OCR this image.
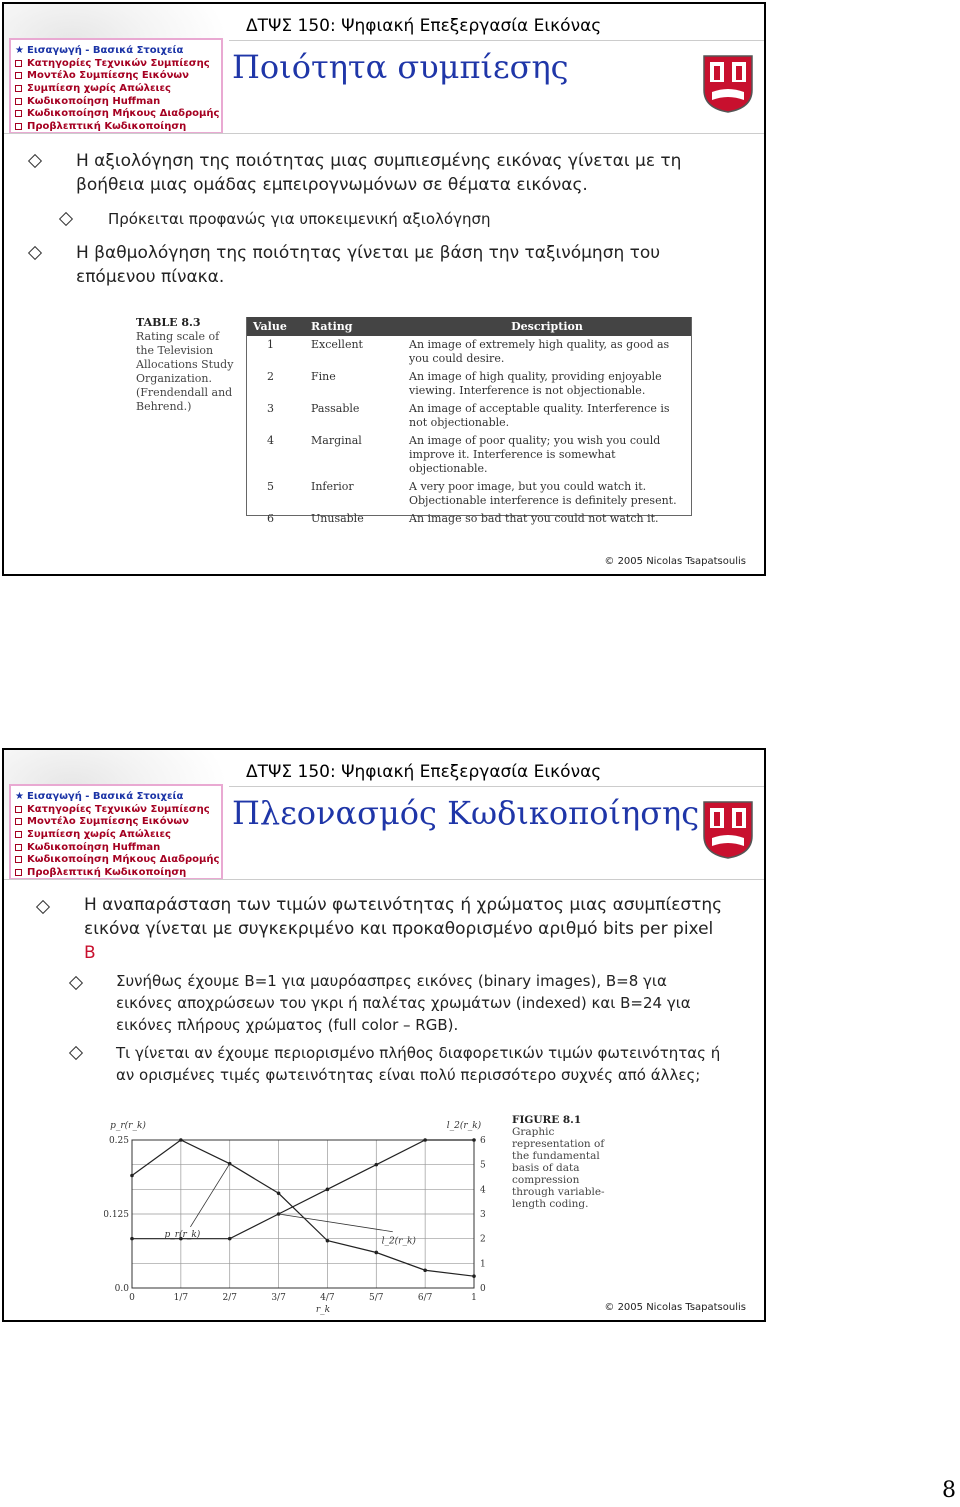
ΔΤΨΣ 150: Ψηφιακή Επεξεργασία Εικόνας
★ Εισαγωγή - Βασικά Στοιχεία
Κατηγορίες Τεχνικών Συμπίεσης
Μοντέλο Συμπίεσης Εικόνων
Συμπίεση χωρίς Απώλειες
Κωδικοποίηση Huffman
Κωδικοποίηση Μήκους Διαδρομής
Προβλεπτική Κωδικοποίηση
Ποιότητα συμπίεσης
Η αξιολόγηση της ποιότητας μιας συμπιεσμένης εικόνας γίνεται με τη βοήθεια μιας ομάδας εμπειρογνωμόνων σε θέματα εικόνας.
Πρόκειται προφανώς για υποκειμενική αξιολόγηση
Η βαθμολόγηση της ποιότητας γίνεται με βάση την ταξινόμηση του επόμενου πίνακα.
TABLE 8.3
Rating scale of the Television Allocations Study Organization. (Frendendall and Behrend.)
Value	Rating	Description
1	Excellent	An image of extremely high quality, as good as you could desire.
2	Fine	An image of high quality, providing enjoyable viewing. Interference is not objectionable.
3	Passable	An image of acceptable quality. Interference is not objectionable.
4	Marginal	An image of poor quality; you wish you could improve it. Interference is somewhat objectionable.
5	Inferior	A very poor image, but you could watch it. Objectionable interference is definitely present.
6	Unusable	An image so bad that you could not watch it.
© 2005 Nicolas Tsapatsoulis
ΔΤΨΣ 150: Ψηφιακή Επεξεργασία Εικόνας
★ Εισαγωγή - Βασικά Στοιχεία
Κατηγορίες Τεχνικών Συμπίεσης
Μοντέλο Συμπίεσης Εικόνων
Συμπίεση χωρίς Απώλειες
Κωδικοποίηση Huffman
Κωδικοποίηση Μήκους Διαδρομής
Προβλεπτική Κωδικοποίηση
Πλεονασμός Κωδικοποίησης
Η αναπαράσταση των τιμών φωτεινότητας ή χρώματος μιας ασυμπίεστης εικόνα γίνεται με συγκεκριμένο και προκαθορισμένο αριθμό bits per pixel B
Συνήθως έχουμε B=1 για μαυρόασπρες εικόνες (binary images), B=8 για εικόνες αποχρώσεων του γκρι ή παλέτας χρωμάτων (indexed) και B=24 για εικόνες πλήρους χρώματος (full color – RGB).
Τι γίνεται αν έχουμε περιορισμένο πλήθος διαφορετικών τιμών φωτεινότητας ή αν ορισμένες τιμές φωτεινότητας είναι πολύ περισσότερο συχνές από άλλες;
0	1/7	2/7	3/7	4/7	5/7	6/7	1
0
1
2
3
4
5
6
0.0
0.125
0.25
p_r(r_k)	l_2(r_k)
r_k
p_r(r_k)
l_2(r_k)
FIGURE 8.1
Graphic representation of the fundamental basis of data compression through variable-length coding.
© 2005 Nicolas Tsapatsoulis
8
